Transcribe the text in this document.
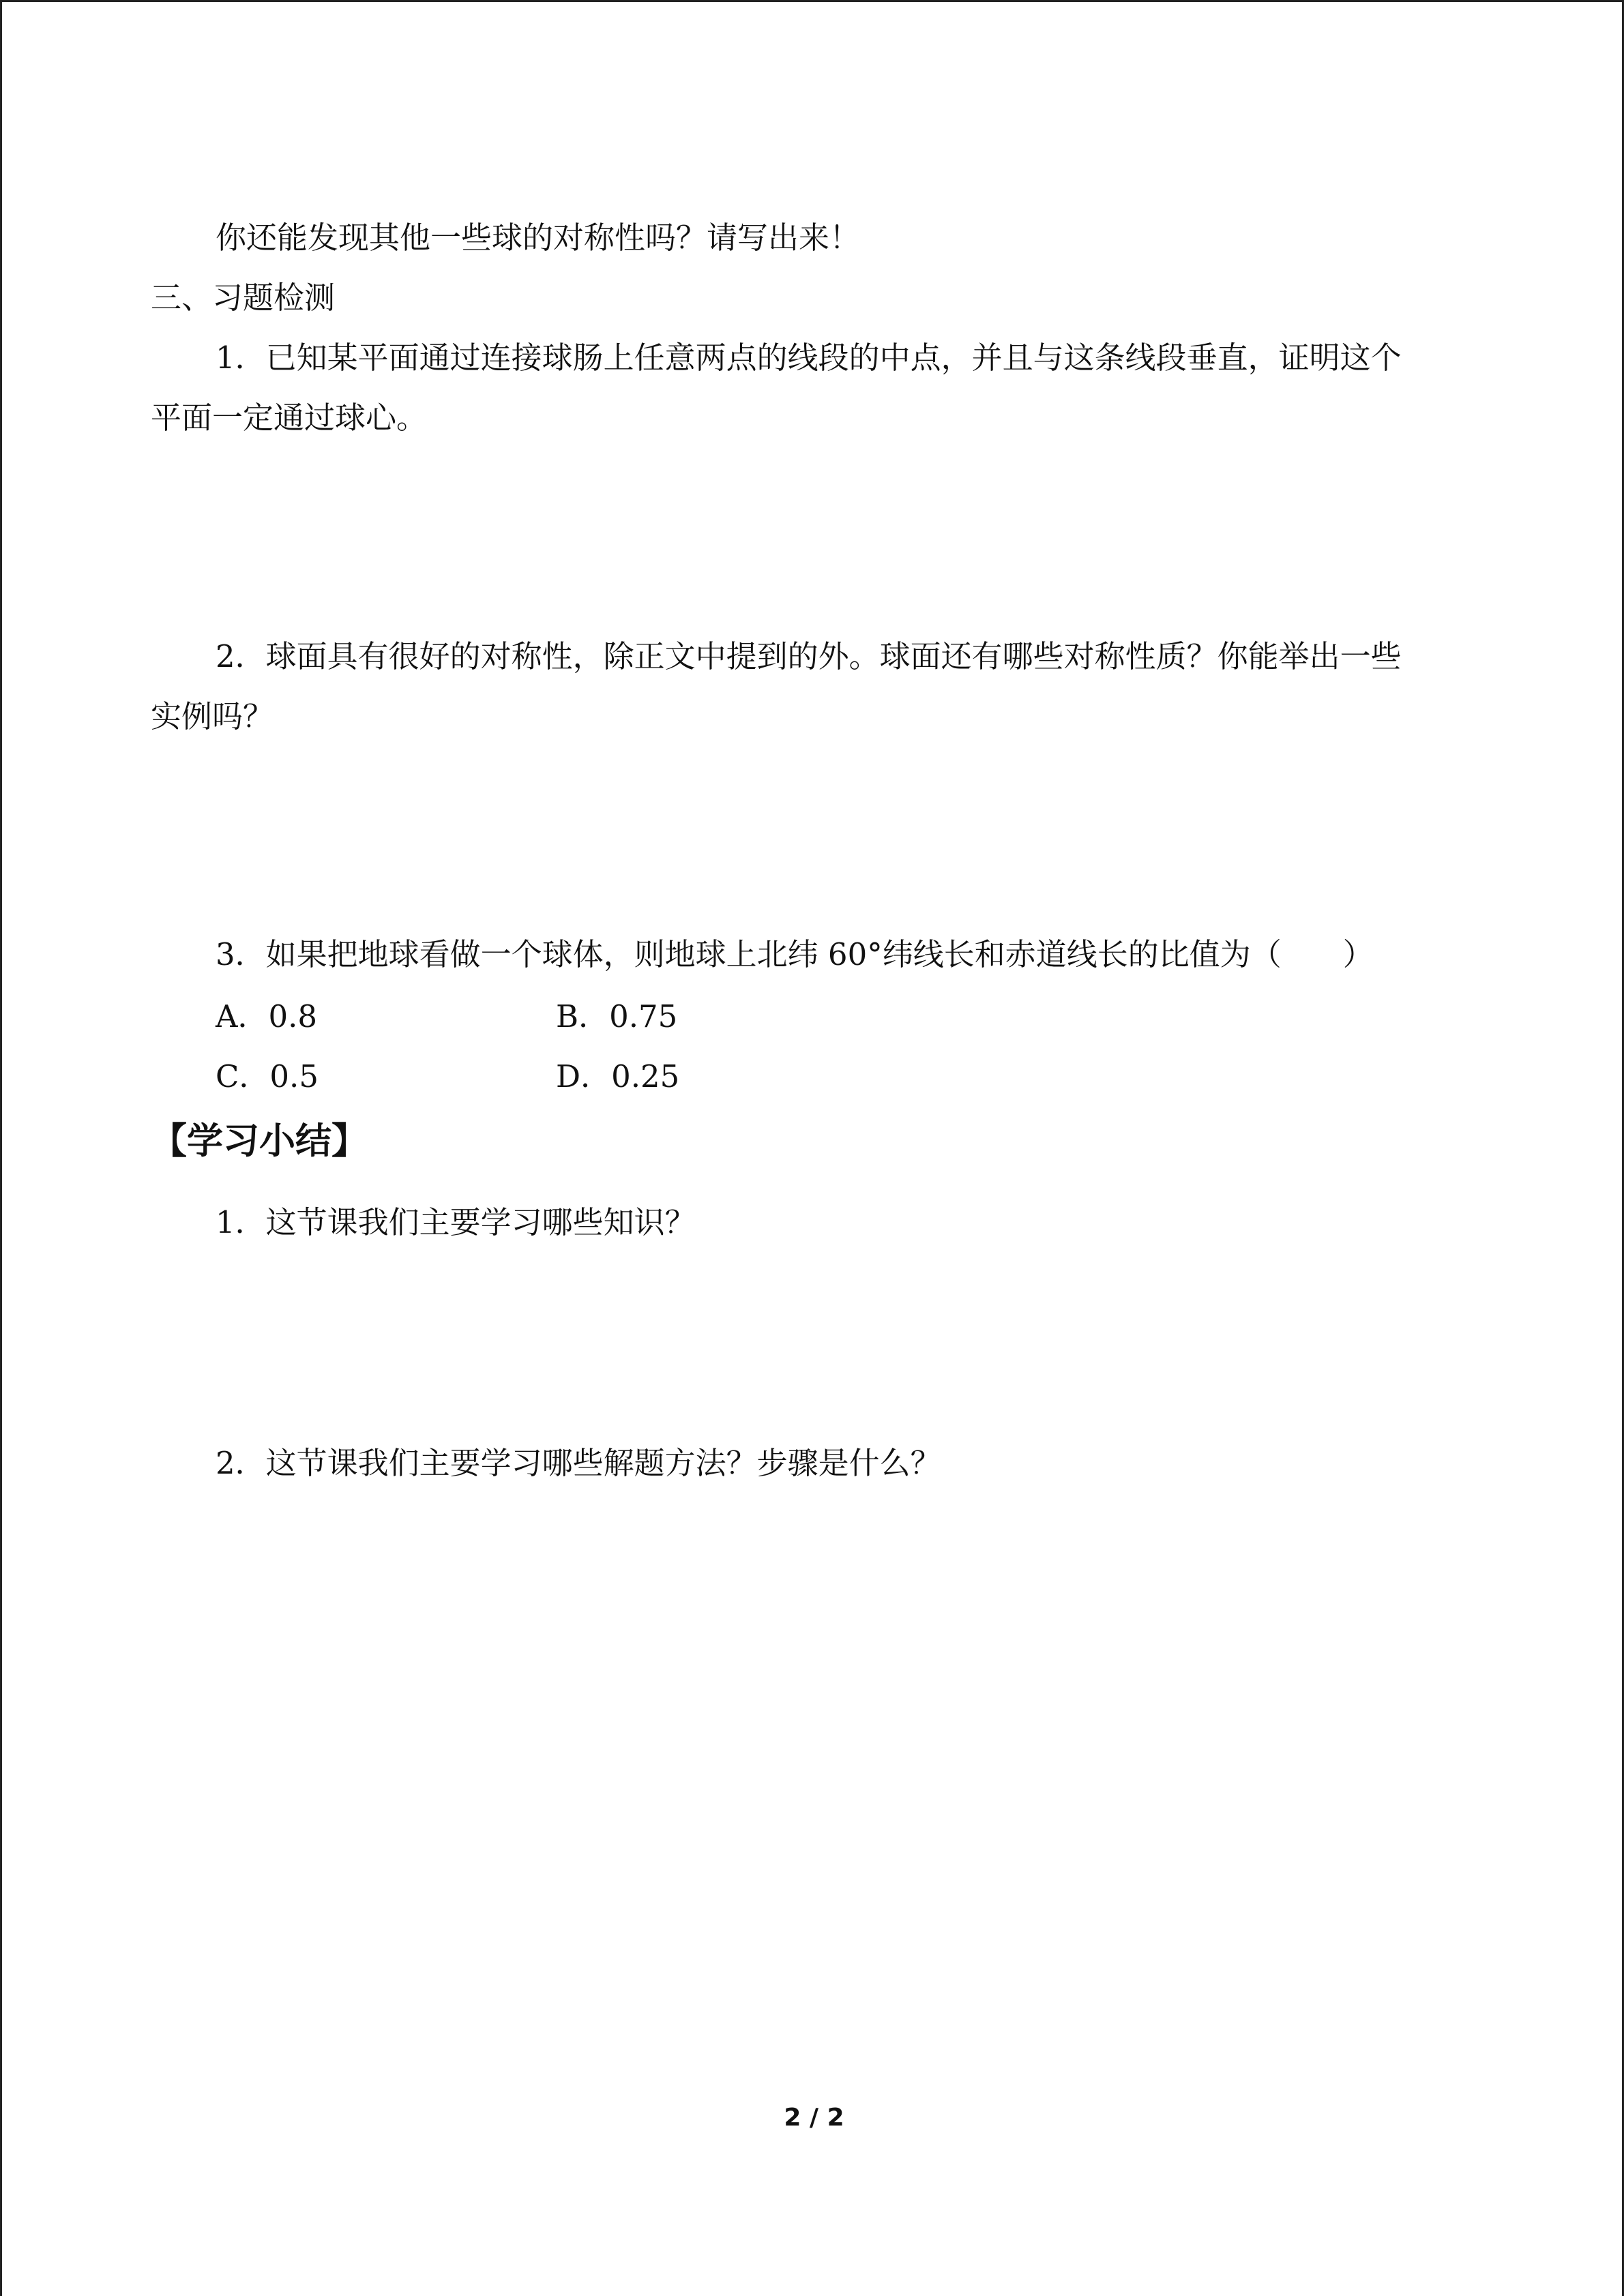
你还能发现其他一些球的对称性吗？请写出来！
三、习题检测
1．已知某平面通过连接球肠上任意两点的线段的中点，并且与这条线段垂直，证明这个
平面一定通过球心。
2．球面具有很好的对称性，除正文中提到的外。球面还有哪些对称性质？你能举出一些
实例吗？
3．如果把地球看做一个球体，则地球上北纬 60°纬线长和赤道线长的比值为（　　）
A．0.8	B．0.75
C．0.5	D．0.25
【学习小结】
1．这节课我们主要学习哪些知识？
2．这节课我们主要学习哪些解题方法？步骤是什么？
2 / 2
